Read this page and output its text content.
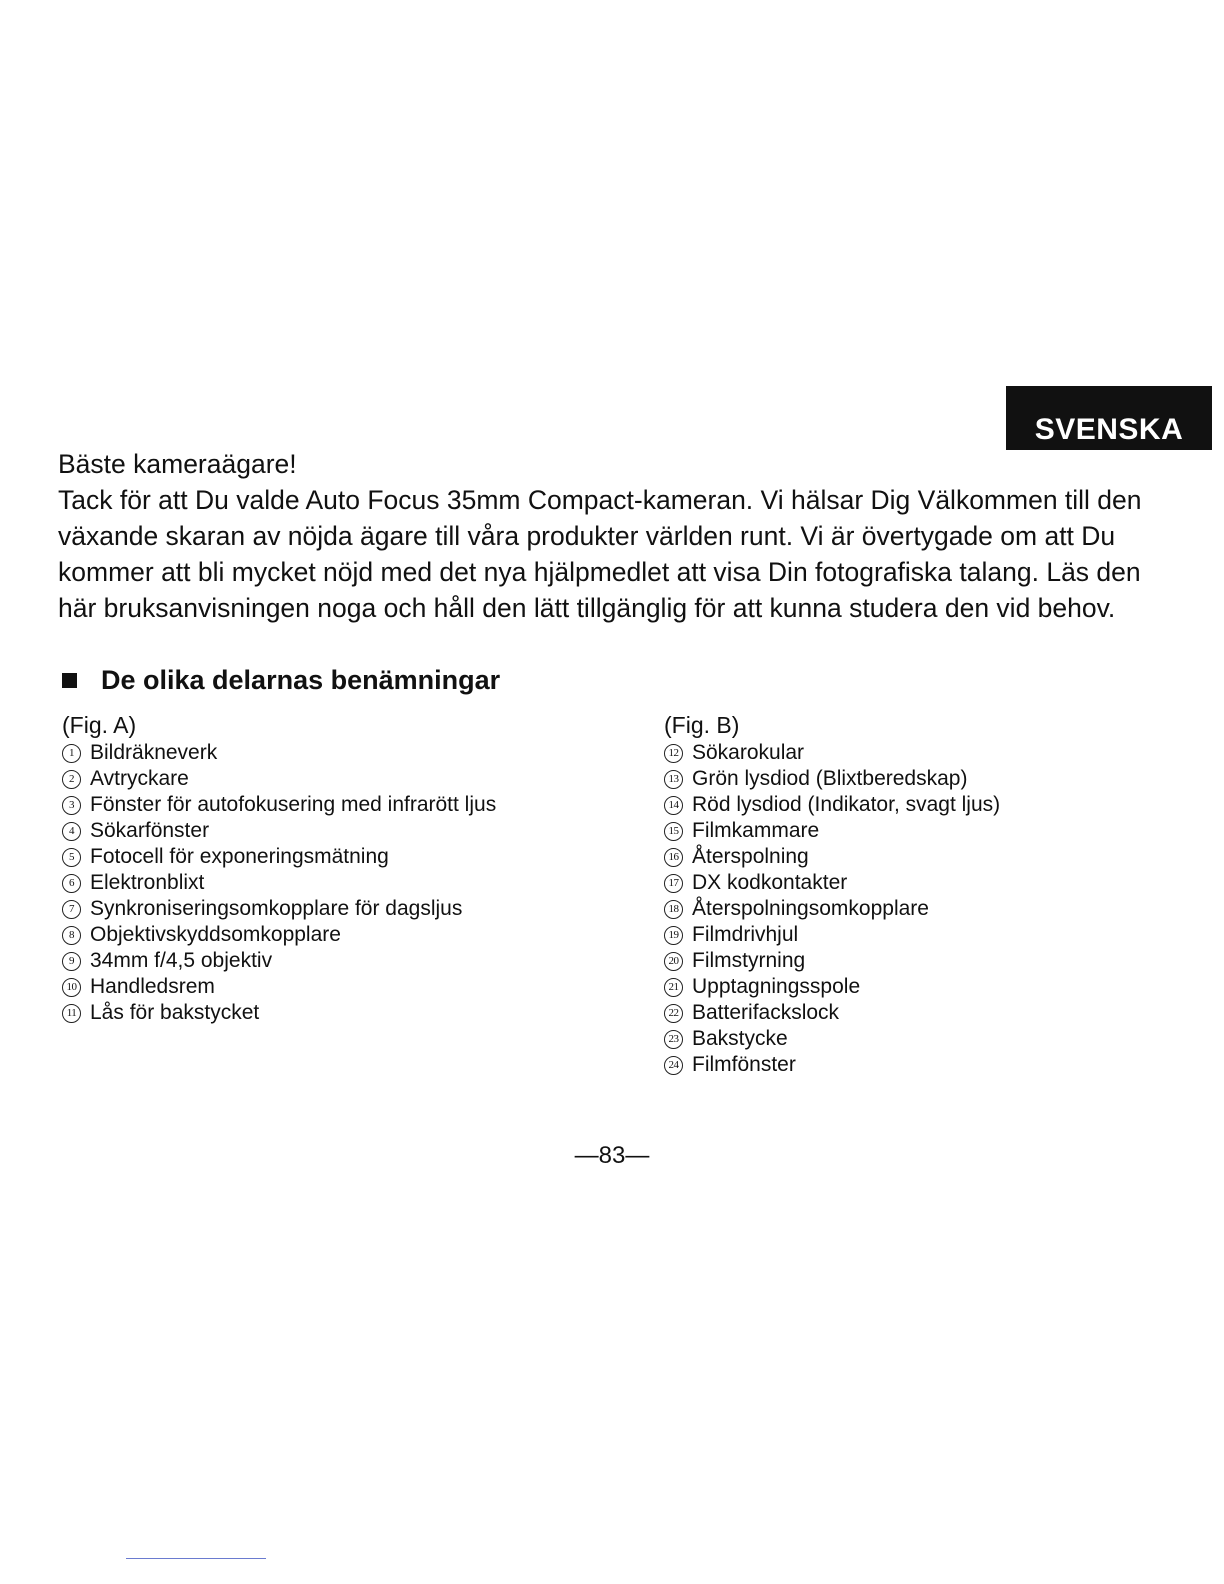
SVENSKA

Bäste kameraägare!

Tack för att Du valde Auto Focus 35mm Compact-kameran. Vi hälsar Dig Välkommen till den växande skaran av nöjda ägare till våra produkter världen runt. Vi är övertygade om att Du kommer att bli mycket nöjd med det nya hjälpmedlet att visa Din fotografiska talang. Läs den här bruksanvisningen noga och håll den lätt tillgänglig för att kunna studera den vid behov.

De olika delarnas benämningar
(Fig. A)
1 Bildräkneverk
2 Avtryckare
3 Fönster för autofokusering med infrarött ljus
4 Sökarfönster
5 Fotocell för exponeringsmätning
6 Elektronblixt
7 Synkroniseringsomkopplare för dagsljus
8 Objektivskyddsomkopplare
9 34mm f/4,5 objektiv
10 Handledsrem
11 Lås för bakstycket
(Fig. B)
12 Sökarokular
13 Grön lysdiod (Blixtberedskap)
14 Röd lysdiod (Indikator, svagt ljus)
15 Filmkammare
16 Återspolning
17 DX kodkontakter
18 Återspolningsomkopplare
19 Filmdrivhjul
20 Filmstyrning
21 Upptagningsspole
22 Batterifackslock
23 Bakstycke
24 Filmfönster
—83—
